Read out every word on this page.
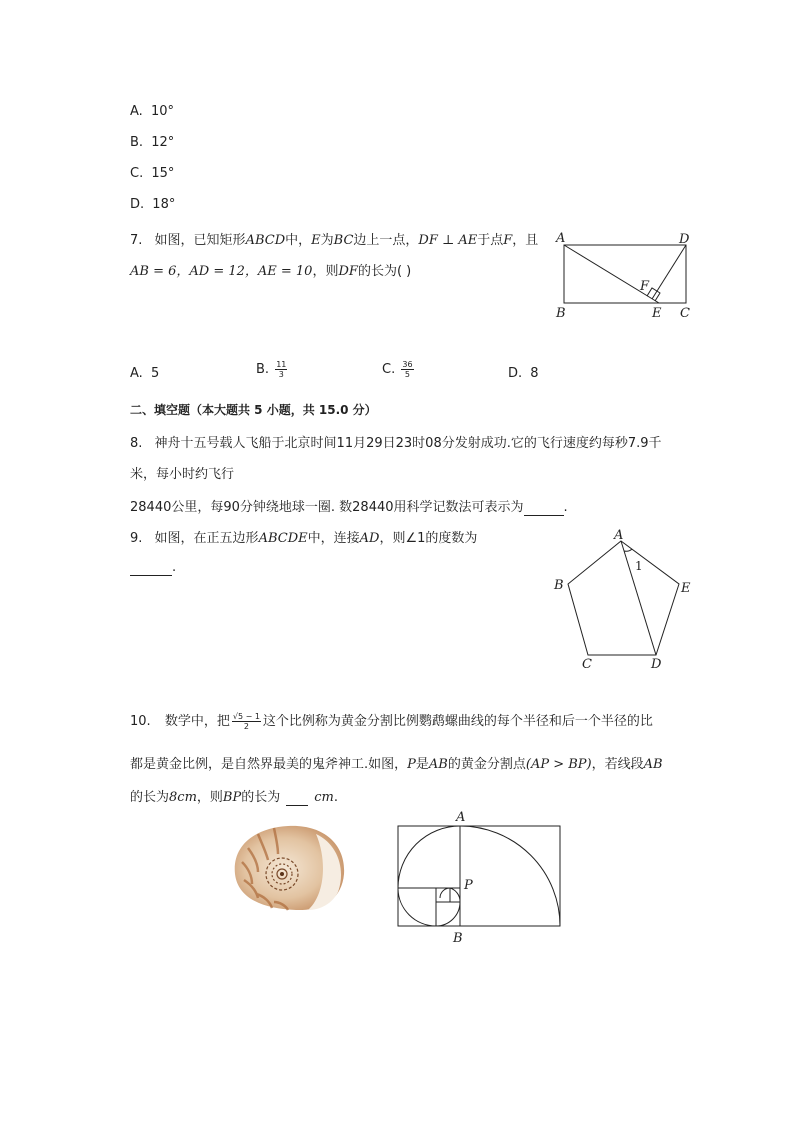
A. 10°
B. 12°
C. 15°
D. 18°
7. 如图，已知矩形ABCD中，E为BC边上一点，DF ⊥ AE于点F，且
AB = 6，AD = 12，AE = 10，则DF的长为( )
A	D
F
B	E C
A. 5	B. $\frac{11}{3}$	C. $\frac{36}{5}$	D. 8
二、填空题（本大题共 5 小题，共 15.0 分）
8. 神舟十五号载人飞船于北京时间11月29日23时08分发射成功.它的飞行速度约每秒7.9千
米，每小时约飞行
28440公里，每90分钟绕地球一圈. 数28440用科学记数法可表示为	.
9. 如图，在正五边形ABCDE中，连接AD，则∠1的度数为
.
A
1
B	E
C	D
10. 数学中，把 $\frac{√5 - 1}{2}$ 这个比例称为黄金分割比例鹦鹉螺曲线的每个半径和后一个半径的比
都是黄金比例，是自然界最美的鬼斧神工.如图，P是AB的黄金分割点(AP > BP)，若线段AB
的长为8cm，则BP的长为	cm.
A
P
B
